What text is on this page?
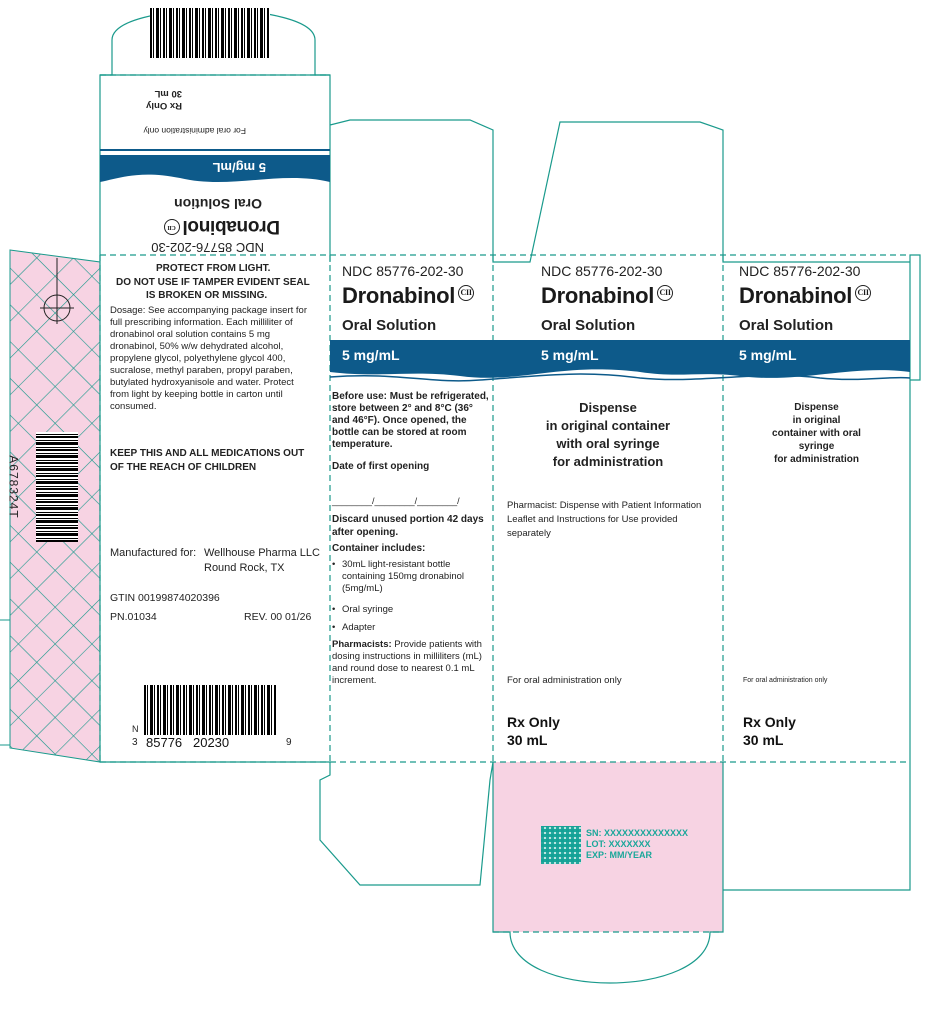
NDC 85776-202-30
DronabinolCII
Oral Solution
5 mg/mL
For oral administration only
Rx Only
30 mL
A678324T
PROTECT FROM LIGHT.
DO NOT USE IF TAMPER EVIDENT SEAL
IS BROKEN OR MISSING.
Dosage: See accompanying package insert for
full prescribing information. Each milliliter of
dronabinol oral solution contains 5 mg
dronabinol, 50% w/w dehydrated alcohol,
propylene glycol, polyethylene glycol 400,
sucralose, methyl paraben, propyl paraben,
butylated hydroxyanisole and water. Protect
from light by keeping bottle in carton until
consumed.
KEEP THIS AND ALL MEDICATIONS OUT
OF THE REACH OF CHILDREN
Manufactured for: Wellhouse Pharma LLC
Round Rock, TX
GTIN 00199874020396
PN.01034	REV. 00 01/26
N
3 85776   20230	9
NDC 85776-202-30
Dronabinol CII
Oral Solution
5 mg/mL
Before use: Must be refrigerated,
store between 2° and 8°C (36°
and 46°F). Once opened, the
bottle can be stored at room
temperature.
Date of first opening
________/________/________/
Discard unused portion 42 days
after opening.
Container includes:
• 30mL light-resistant bottle
containing 150mg dronabinol
(5mg/mL)
• Oral syringe
• Adapter
Pharmacists: Provide patients with
dosing instructions in milliliters (mL)
and round dose to nearest 0.1 mL
increment.
NDC 85776-202-30
Dronabinol CII
Oral Solution
5 mg/mL
Dispense
in original container
with oral syringe
for administration
Pharmacist: Dispense with Patient Information
Leaflet and Instructions for Use provided
separately
For oral administration only
Rx Only
30 mL
NDC 85776-202-30
Dronabinol CII
Oral Solution
5 mg/mL
Dispense
in original
container with oral
syringe
for administration
For oral administration only
Rx Only
30 mL
SN: XXXXXXXXXXXXXX
LOT: XXXXXXX
EXP: MM/YEAR
